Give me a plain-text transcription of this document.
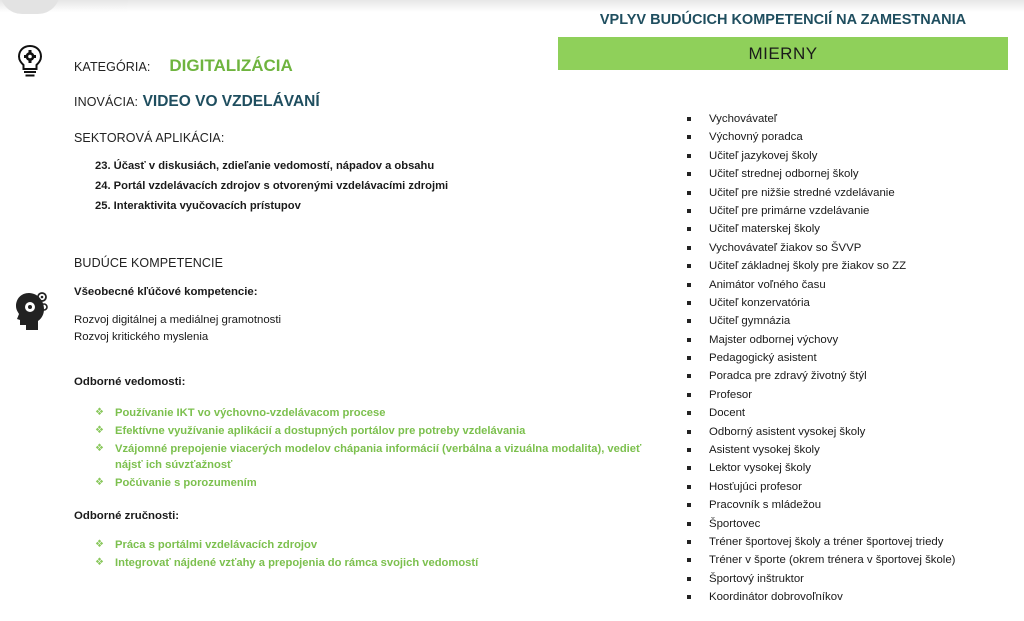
KATEGÓRIA: DIGITALIZÁCIA
INOVÁCIA: VIDEO VO VZDELÁVANÍ
SEKTOROVÁ APLIKÁCIA:
23. Účasť v diskusiách, zdieľanie vedomostí, nápadov a obsahu
24. Portál vzdelávacích zdrojov s otvorenými vzdelávacími zdrojmi
25. Interaktivita vyučovacích prístupov
BUDÚCE KOMPETENCIE
Všeobecné kľúčové kompetencie:
Rozvoj digitálnej a mediálnej gramotnosti
Rozvoj kritického myslenia
Odborné vedomosti:
❖ Používanie IKT vo výchovno-vzdelávacom procese
❖ Efektívne využívanie aplikácií a dostupných portálov pre potreby vzdelávania
❖ Vzájomné prepojenie viacerých modelov chápania informácií (verbálna a vizuálna modalita), vedieť nájsť ich súvzťažnosť
❖ Počúvanie s porozumením
Odborné zručnosti:
❖ Práca s portálmi vzdelávacích zdrojov
❖ Integrovať nájdené vzťahy a prepojenia do rámca svojich vedomostí
VPLYV BUDÚCICH KOMPETENCIÍ NA ZAMESTNANIA
MIERNY
Vychovávateľ
Výchovný poradca
Učiteľ jazykovej školy
Učiteľ strednej odbornej školy
Učiteľ pre nižšie stredné vzdelávanie
Učiteľ pre primárne vzdelávanie
Učiteľ materskej školy
Vychovávateľ žiakov so ŠVVP
Učiteľ základnej školy pre žiakov so ZZ
Animátor voľného času
Učiteľ konzervatória
Učiteľ gymnázia
Majster odbornej výchovy
Pedagogický asistent
Poradca pre zdravý životný štýl
Profesor
Docent
Odborný asistent vysokej školy
Asistent vysokej školy
Lektor vysokej školy
Hosťujúci profesor
Pracovník s mládežou
Športovec
Tréner športovej školy a tréner športovej triedy
Tréner v športe (okrem trénera v športovej škole)
Športový inštruktor
Koordinátor dobrovoľníkov
